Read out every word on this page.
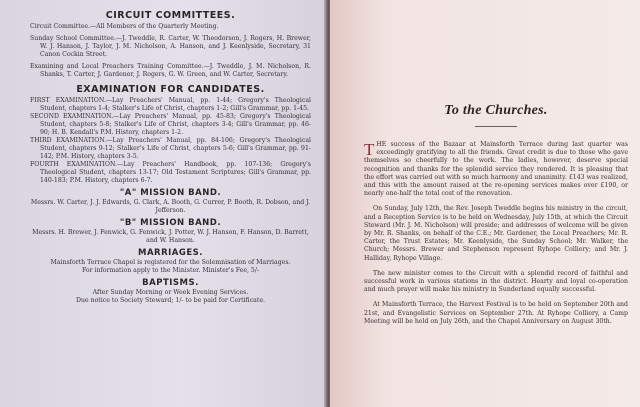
CIRCUIT COMMITTEES.

Circuit Committee.—All Members of the Quarterly Meeting.

Sunday School Committee.—J. Tweddle, R. Carter, W. Theodorson, J. Rogers, H. Brewer, W. J. Hanson, J. Taylor, J. M. Nicholson, A. Hanson, and J. Keenlyside, Secretary, 31 Canon Cockin Street.

Examining and Local Preachers Training Committee.—J. Tweddle, J. M. Nicholson, R. Shanks, T. Carter, J. Gardener, J. Rogers, G. W. Green, and W. Carter, Secretary.

EXAMINATION FOR CANDIDATES.

FIRST EXAMINATION.—Lay Preachers' Manual, pp. 1-44; Gregory's Theological Student, chapters 1-4; Stalker's Life of Christ, chapters 1-2; Gill's Grammar, pp. 1-45.

SECOND EXAMINATION.—Lay Preachers' Manual, pp. 45-83; Gregory's Theological Student, chapters 5-8; Stalker's Life of Christ, chapters 3-4; Gill's Grammar, pp. 46-90; H. B. Kendall's P.M. History, chapters 1-2.

THIRD EXAMINATION.—Lay Preachers' Manual, pp. 84-106; Gregory's Theological Student, chapters 9-12; Stalker's Life of Christ, chapters 5-6; Gill's Grammar, pp. 91-142; P.M. History, chapters 3-5.

FOURTH EXAMINATION.—Lay Preachers' Handbook, pp. 107-136; Gregory's Theological Student, chapters 13-17; Old Testament Scriptures; Gill's Grammar, pp. 140-183; P.M. History, chapters 6-7.

"A" MISSION BAND.

Messrs. W. Carter, J. J. Edwards, G. Clark, A. Booth, G. Currer, P. Booth, R. Dobson, and J. Jefferson.

"B" MISSION BAND.

Messrs. H. Brewer, J. Fenwick, G. Fenwick, J. Potter, W. J. Hanson, F. Hanson, D. Barrett, and W. Hanson.

MARRIAGES.

Mainsforth Terrace Chapel is registered for the Solemnisation of Marriages.

For information apply to the Minister. Minister's Fee, 5/-

BAPTISMS.

After Sunday Morning or Week Evening Services.

Due notice to Society Steward; 1/- to be paid for Certificate.

To the Churches.

THE success of the Bazaar at Mainsforth Terrace during last quarter was exceedingly gratifying to all the friends. Great credit is due to those who gave themselves so cheerfully to the work. The ladies, however, deserve special recognition and thanks for the splendid service they rendered. It is pleasing that the effort was carried out with so much harmony and unanimity. £143 was realized, and this with the amount raised at the re-opening services makes over £190, or nearly one-half the total cost of the renovation.

On Sunday, July 12th, the Rev. Joseph Tweddle begins his ministry in the circuit, and a Reception Service is to be held on Wednesday, July 15th, at which the Circuit Steward (Mr. J. M. Nicholson) will preside; and addresses of welcome will be given by Mr. R. Shanks, on behalf of the C.E.; Mr. Gardener, the Local Preachers; Mr. R. Carter, the Trust Estates; Mr. Keenlyside, the Sunday School; Mr. Walker, the Church; Messrs. Brewer and Stephenson represent Ryhope Colliery; and Mr. J. Halliday, Ryhope Village.

The new minister comes to the Circuit with a splendid record of faithful and successful work in various stations in the district. Hearty and loyal co-operation and much prayer will make his ministry in Sunderland equally successful.

At Mainsforth Terrace, the Harvest Festival is to be held on September 20th and 21st, and Evangelistic Services on September 27th. At Ryhope Colliery, a Camp Meeting will be held on July 26th, and the Chapel Anniversary on August 30th.
